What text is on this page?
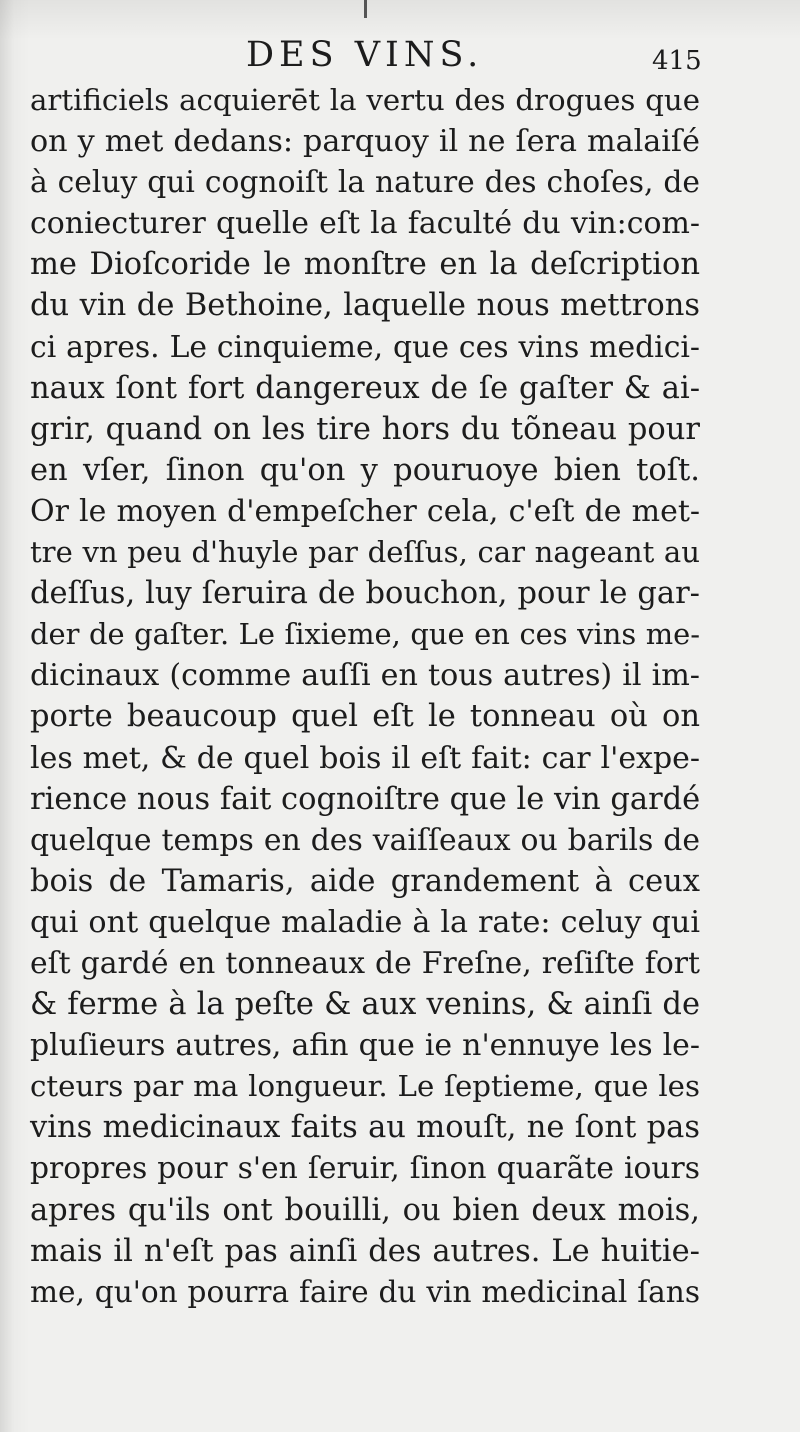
DES VINS.	415
artificiels acquierēt la vertu des drogues que
on y met dedans: parquoy il ne ſera malaiſé
à celuy qui cognoiſt la nature des choſes, de
coniecturer quelle eſt la faculté du vin:com-
me Dioſcoride le monſtre en la deſcription
du vin de Bethoine, laquelle nous mettrons
ci apres. Le cinquieme, que ces vins medici-
naux ſont fort dangereux de ſe gaſter & ai-
grir, quand on les tire hors du tõneau pour
en vſer, ſinon qu'on y pouruoye bien toſt.
Or le moyen d'empeſcher cela, c'eſt de met-
tre vn peu d'huyle par deſſus, car nageant au
deſſus, luy ſeruira de bouchon, pour le gar-
der de gaſter. Le ſixieme, que en ces vins me-
dicinaux (comme auſſi en tous autres) il im-
porte beaucoup quel eſt le tonneau où on
les met, & de quel bois il eſt fait: car l'expe-
rience nous fait cognoiſtre que le vin gardé
quelque temps en des vaiſſeaux ou barils de
bois de Tamaris, aide grandement à ceux
qui ont quelque maladie à la rate: celuy qui
eſt gardé en tonneaux de Freſne, reſiſte fort
& ferme à la peſte & aux venins, & ainſi de
pluſieurs autres, afin que ie n'ennuye les le-
cteurs par ma longueur. Le ſeptieme, que les
vins medicinaux faits au mouſt, ne ſont pas
propres pour s'en ſeruir, ſinon quarãte iours
apres qu'ils ont bouilli, ou bien deux mois,
mais il n'eſt pas ainſi des autres. Le huitie-
me, qu'on pourra faire du vin medicinal ſans
